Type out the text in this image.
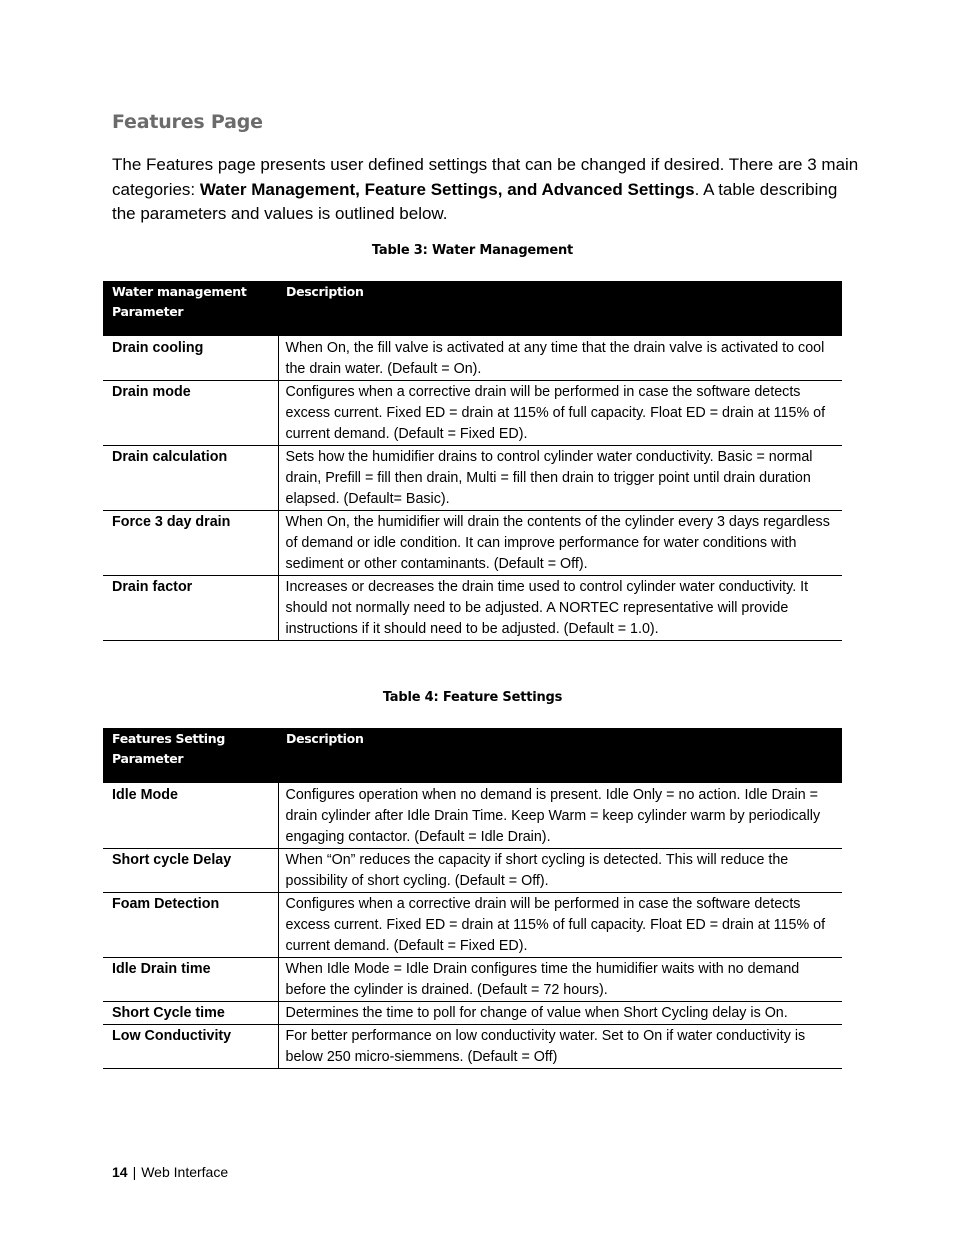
Features Page

The Features page presents user defined settings that can be changed if desired. There are 3 main categories: Water Management, Feature Settings, and Advanced Settings. A table describing the parameters and values is outlined below.

Table 3: Water Management
Water management Parameter	Description
Drain cooling	When On, the fill valve is activated at any time that the drain valve is activated to cool the drain water. (Default = On).
Drain mode	Configures when a corrective drain will be performed in case the software detects excess current. Fixed ED = drain at 115% of full capacity. Float ED = drain at 115% of current demand. (Default = Fixed ED).
Drain calculation	Sets how the humidifier drains to control cylinder water conductivity. Basic = normal drain, Prefill = fill then drain, Multi = fill then drain to trigger point until drain duration elapsed. (Default= Basic).
Force 3 day drain	When On, the humidifier will drain the contents of the cylinder every 3 days regardless of demand or idle condition. It can improve performance for water conditions with sediment or other contaminants. (Default = Off).
Drain factor	Increases or decreases the drain time used to control cylinder water conductivity. It should not normally need to be adjusted. A NORTEC representative will provide instructions if it should need to be adjusted. (Default = 1.0).
Table 4: Feature Settings
Features Setting Parameter	Description
Idle Mode	Configures operation when no demand is present. Idle Only = no action. Idle Drain = drain cylinder after Idle Drain Time. Keep Warm = keep cylinder warm by periodically engaging contactor. (Default = Idle Drain).
Short cycle Delay	When “On” reduces the capacity if short cycling is detected. This will reduce the possibility of short cycling. (Default = Off).
Foam Detection	Configures when a corrective drain will be performed in case the software detects excess current. Fixed ED = drain at 115% of full capacity. Float ED = drain at 115% of current demand. (Default = Fixed ED).
Idle Drain time	When Idle Mode = Idle Drain configures time the humidifier waits with no demand before the cylinder is drained. (Default = 72 hours).
Short Cycle time	Determines the time to poll for change of value when Short Cycling delay is On.
Low Conductivity	For better performance on low conductivity water. Set to On if water conductivity is below 250 micro-siemmens. (Default = Off)
14 | Web Interface
